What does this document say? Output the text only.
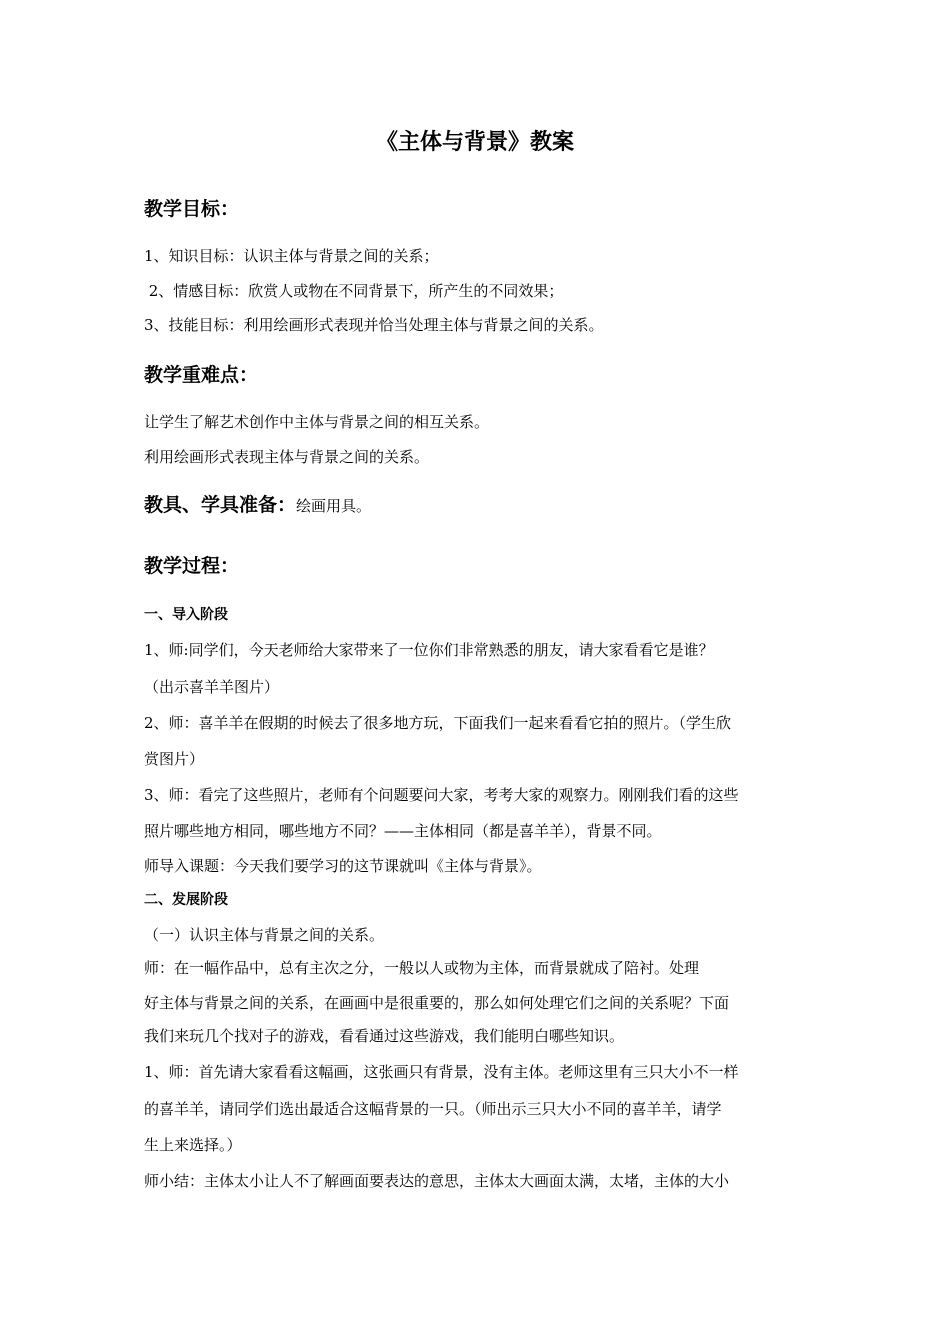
《主体与背景》教案
教学目标：
1、知识目标：认识主体与背景之间的关系；
2、情感目标：欣赏人或物在不同背景下，所产生的不同效果；
3、技能目标：利用绘画形式表现并恰当处理主体与背景之间的关系。
教学重难点：
让学生了解艺术创作中主体与背景之间的相互关系。
利用绘画形式表现主体与背景之间的关系。
教具、学具准备：绘画用具。
教学过程：
一、导入阶段
1、师:同学们，今天老师给大家带来了一位你们非常熟悉的朋友，请大家看看它是谁？
（出示喜羊羊图片）
2、师：喜羊羊在假期的时候去了很多地方玩，下面我们一起来看看它拍的照片。（学生欣
赏图片）
3、师：看完了这些照片，老师有个问题要问大家，考考大家的观察力。刚刚我们看的这些
照片哪些地方相同，哪些地方不同？——主体相同（都是喜羊羊），背景不同。
师导入课题：今天我们要学习的这节课就叫《主体与背景》。
二、发展阶段
（一）认识主体与背景之间的关系。
师：在一幅作品中，总有主次之分，一般以人或物为主体，而背景就成了陪衬。处理
好主体与背景之间的关系，在画画中是很重要的，那么如何处理它们之间的关系呢？下面
我们来玩几个找对子的游戏，看看通过这些游戏，我们能明白哪些知识。
1、师：首先请大家看看这幅画，这张画只有背景，没有主体。老师这里有三只大小不一样
的喜羊羊，请同学们选出最适合这幅背景的一只。（师出示三只大小不同的喜羊羊，请学
生上来选择。）
师小结：主体太小让人不了解画面要表达的意思，主体太大画面太满，太堵，主体的大小
